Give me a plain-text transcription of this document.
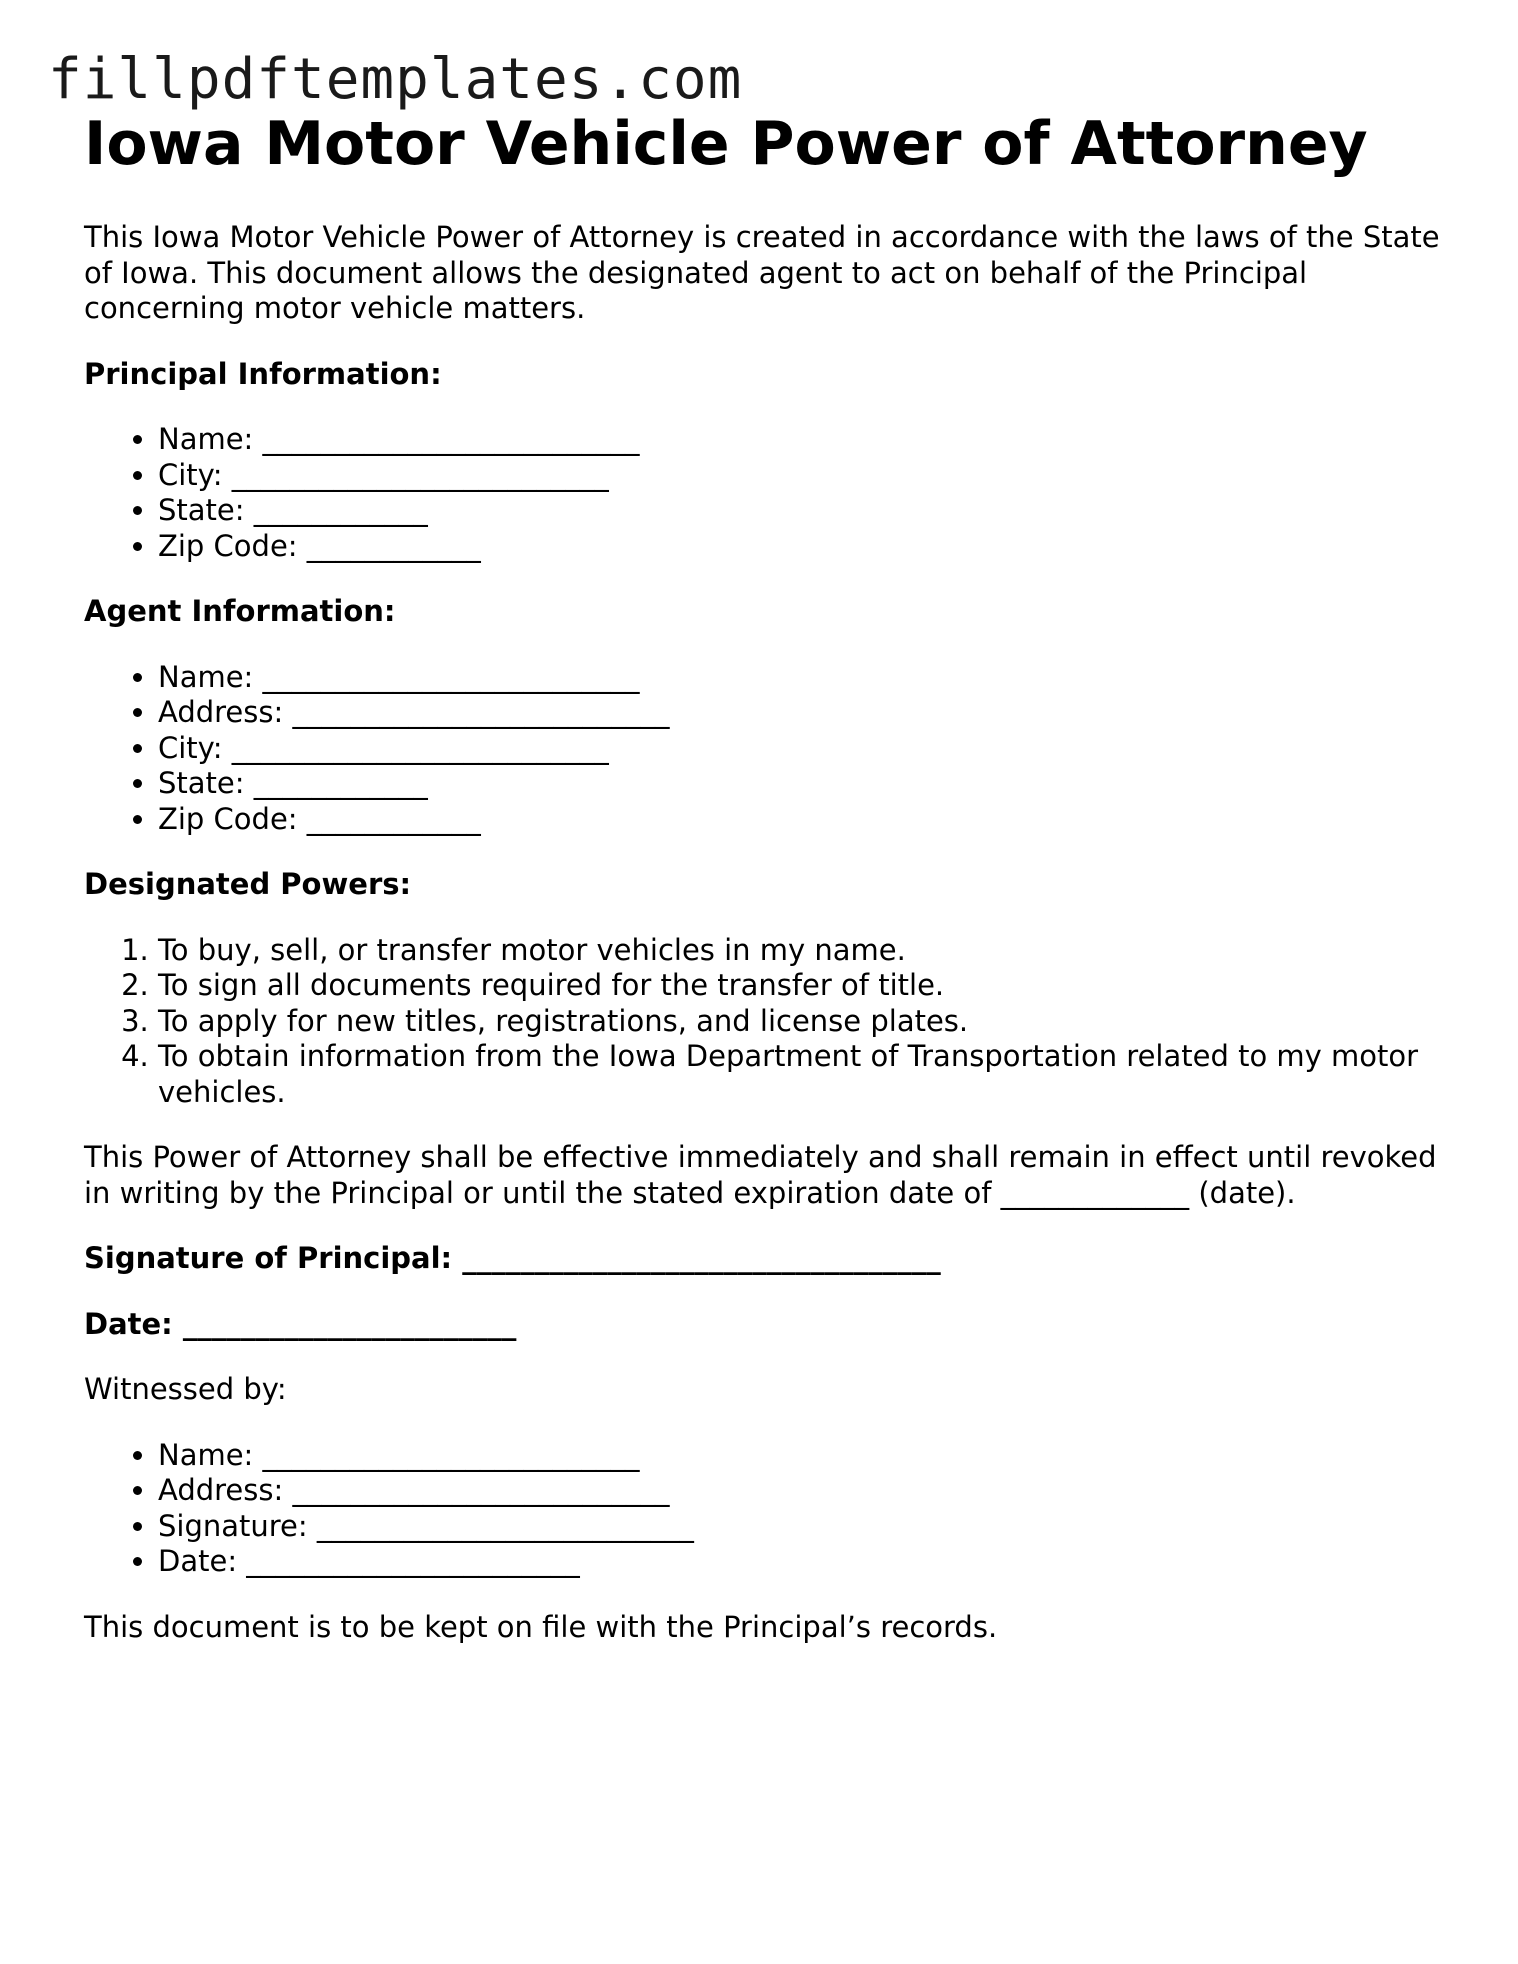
fillpdftemplates.com
Iowa Motor Vehicle Power of Attorney

This Iowa Motor Vehicle Power of Attorney is created in accordance with the laws of the State of Iowa. This document allows the designated agent to act on behalf of the Principal concerning motor vehicle matters.

Principal Information:

• Name: __________________________
• City: __________________________
• State: ____________
• Zip Code: ____________

Agent Information:

• Name: __________________________
• Address: __________________________
• City: __________________________
• State: ____________
• Zip Code: ____________

Designated Powers:

1. To buy, sell, or transfer motor vehicles in my name.
2. To sign all documents required for the transfer of title.
3. To apply for new titles, registrations, and license plates.
4. To obtain information from the Iowa Department of Transportation related to my motor vehicles.

This Power of Attorney shall be effective immediately and shall remain in effect until revoked in writing by the Principal or until the stated expiration date of _____________ (date).

Signature of Principal: _________________________________

Date: _______________________

Witnessed by:

• Name: __________________________
• Address: __________________________
• Signature: __________________________
• Date: _______________________

This document is to be kept on file with the Principal’s records.
